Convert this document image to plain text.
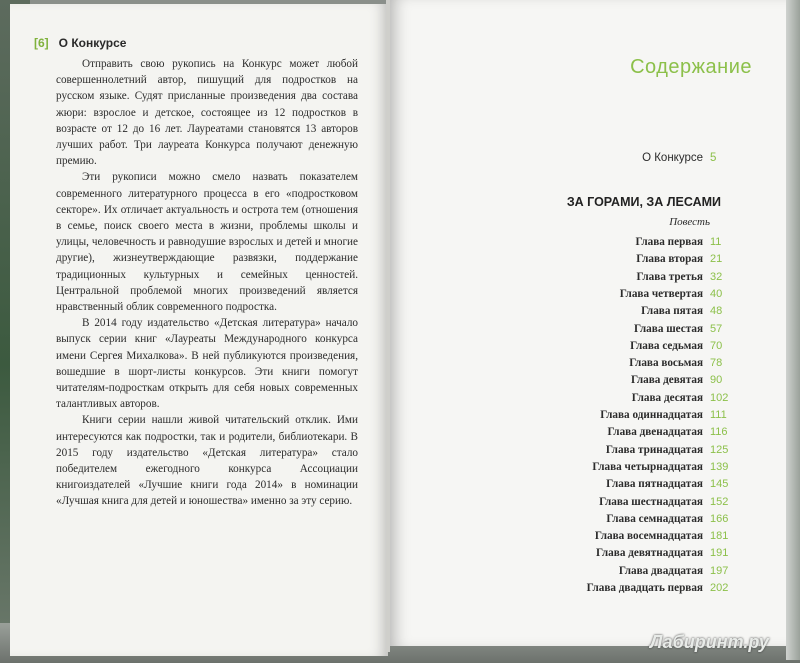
[6] О Конкурсе

Отправить свою рукопись на Конкурс может любой совершеннолетний автор, пишущий для подростков на русском языке. Судят присланные произведения два состава жюри: взрослое и детское, состоящее из 12 подростков в возрасте от 12 до 16 лет. Лауреатами становятся 13 авторов лучших работ. Три лауреата Конкурса получают денежную премию.

Эти рукописи можно смело назвать показателем современного литературного процесса в его «подростковом секторе». Их отличает актуальность и острота тем (отношения в семье, поиск своего места в жизни, проблемы школы и улицы, человечность и равнодушие взрослых и детей и многие другие), жизнеутверждающие развязки, поддержание традиционных культурных и семейных ценностей. Центральной проблемой многих произведений является нравственный облик современного подростка.

В 2014 году издательство «Детская литература» начало выпуск серии книг «Лауреаты Международного конкурса имени Сергея Михалкова». В ней публикуются произведения, вошедшие в шорт-листы конкурсов. Эти книги помогут читателям-подросткам открыть для себя новых современных талантливых авторов.

Книги серии нашли живой читательский отклик. Ими интересуются как подростки, так и родители, библиотекари. В 2015 году издательство «Детская литература» стало победителем ежегодного конкурса Ассоциации книгоиздателей «Лучшие книги года 2014» в номинации «Лучшая книга для детей и юношества» именно за эту серию.

Содержание
О Конкурсе 5
ЗА ГОРАМИ, ЗА ЛЕСАМИ
Повесть
Глава первая 11
Глава вторая 21
Глава третья 32
Глава четвертая 40
Глава пятая 48
Глава шестая 57
Глава седьмая 70
Глава восьмая 78
Глава девятая 90
Глава десятая 102
Глава одиннадцатая 111
Глава двенадцатая 116
Глава тринадцатая 125
Глава четырнадцатая 139
Глава пятнадцатая 145
Глава шестнадцатая 152
Глава семнадцатая 166
Глава восемнадцатая 181
Глава девятнадцатая 191
Глава двадцатая 197
Глава двадцать первая 202
Лабиринт.ру
